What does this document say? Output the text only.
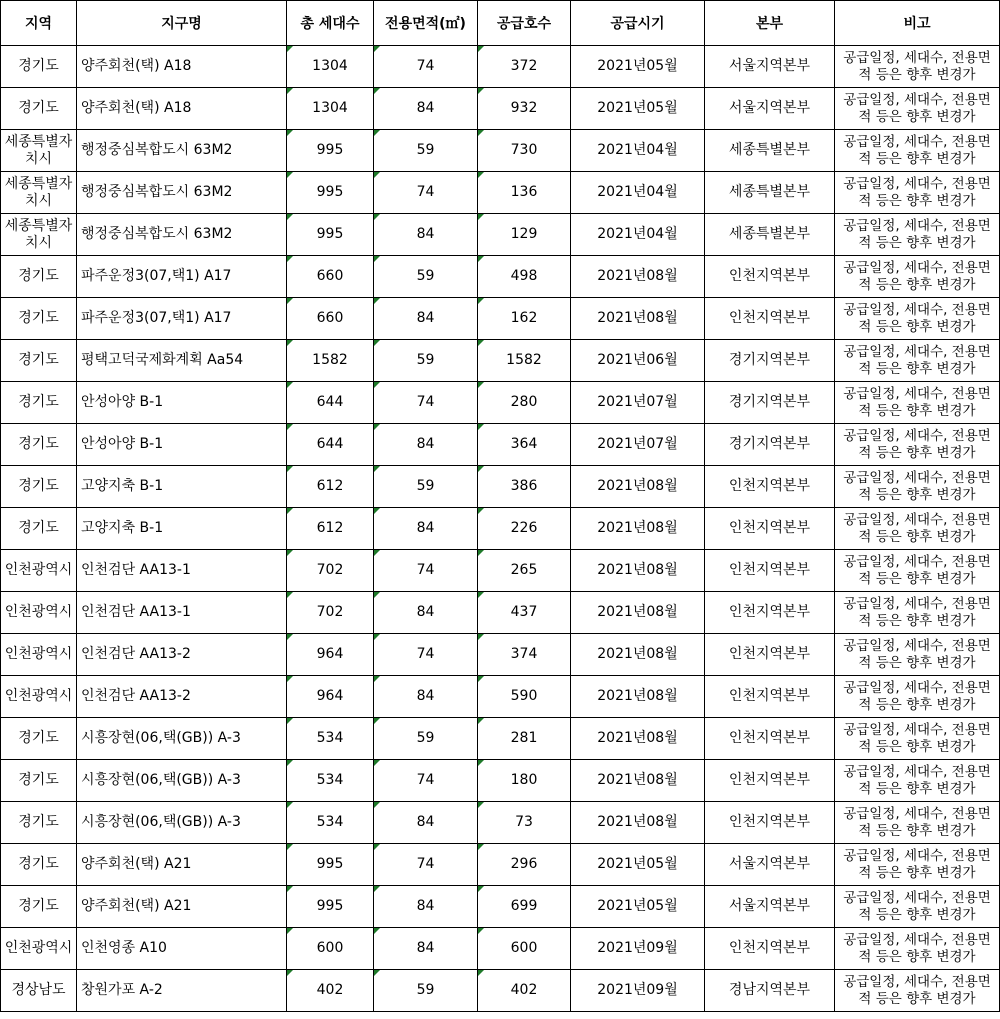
지역	지구명	총 세대수	전용면적(㎡)	공급호수	공급시기	본부	비고
경기도	양주회천(택) A18	1304	74	372	2021년05월	서울지역본부	공급일정, 세대수, 전용면적 등은 향후 변경가
경기도	양주회천(택) A18	1304	84	932	2021년05월	서울지역본부	공급일정, 세대수, 전용면적 등은 향후 변경가
세종특별자치시	행정중심복합도시 63M2	995	59	730	2021년04월	세종특별본부	공급일정, 세대수, 전용면적 등은 향후 변경가
세종특별자치시	행정중심복합도시 63M2	995	74	136	2021년04월	세종특별본부	공급일정, 세대수, 전용면적 등은 향후 변경가
세종특별자치시	행정중심복합도시 63M2	995	84	129	2021년04월	세종특별본부	공급일정, 세대수, 전용면적 등은 향후 변경가
경기도	파주운정3(07,택1) A17	660	59	498	2021년08월	인천지역본부	공급일정, 세대수, 전용면적 등은 향후 변경가
경기도	파주운정3(07,택1) A17	660	84	162	2021년08월	인천지역본부	공급일정, 세대수, 전용면적 등은 향후 변경가
경기도	평택고덕국제화계획 Aa54	1582	59	1582	2021년06월	경기지역본부	공급일정, 세대수, 전용면적 등은 향후 변경가
경기도	안성아양 B-1	644	74	280	2021년07월	경기지역본부	공급일정, 세대수, 전용면적 등은 향후 변경가
경기도	안성아양 B-1	644	84	364	2021년07월	경기지역본부	공급일정, 세대수, 전용면적 등은 향후 변경가
경기도	고양지축 B-1	612	59	386	2021년08월	인천지역본부	공급일정, 세대수, 전용면적 등은 향후 변경가
경기도	고양지축 B-1	612	84	226	2021년08월	인천지역본부	공급일정, 세대수, 전용면적 등은 향후 변경가
인천광역시	인천검단 AA13-1	702	74	265	2021년08월	인천지역본부	공급일정, 세대수, 전용면적 등은 향후 변경가
인천광역시	인천검단 AA13-1	702	84	437	2021년08월	인천지역본부	공급일정, 세대수, 전용면적 등은 향후 변경가
인천광역시	인천검단 AA13-2	964	74	374	2021년08월	인천지역본부	공급일정, 세대수, 전용면적 등은 향후 변경가
인천광역시	인천검단 AA13-2	964	84	590	2021년08월	인천지역본부	공급일정, 세대수, 전용면적 등은 향후 변경가
경기도	시흥장현(06,택(GB)) A-3	534	59	281	2021년08월	인천지역본부	공급일정, 세대수, 전용면적 등은 향후 변경가
경기도	시흥장현(06,택(GB)) A-3	534	74	180	2021년08월	인천지역본부	공급일정, 세대수, 전용면적 등은 향후 변경가
경기도	시흥장현(06,택(GB)) A-3	534	84	73	2021년08월	인천지역본부	공급일정, 세대수, 전용면적 등은 향후 변경가
경기도	양주회천(택) A21	995	74	296	2021년05월	서울지역본부	공급일정, 세대수, 전용면적 등은 향후 변경가
경기도	양주회천(택) A21	995	84	699	2021년05월	서울지역본부	공급일정, 세대수, 전용면적 등은 향후 변경가
인천광역시	인천영종 A10	600	84	600	2021년09월	인천지역본부	공급일정, 세대수, 전용면적 등은 향후 변경가
경상남도	창원가포 A-2	402	59	402	2021년09월	경남지역본부	공급일정, 세대수, 전용면적 등은 향후 변경가
